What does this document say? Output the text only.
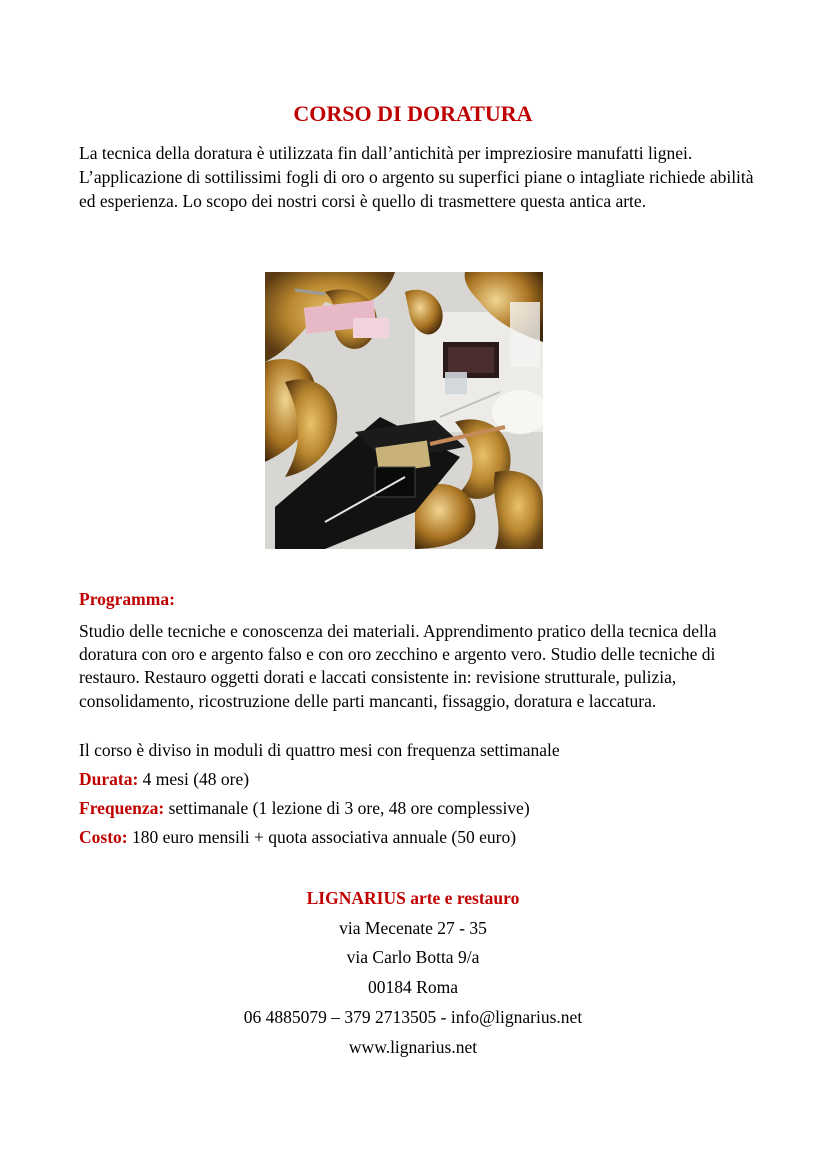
CORSO DI DORATURA

La tecnica della doratura è utilizzata fin dall’antichità per impreziosire manufatti lignei. L’applicazione di sottilissimi fogli di oro o argento su superfici piane o intagliate richiede abilità ed esperienza. Lo scopo dei nostri corsi è quello di trasmettere questa antica arte.

Programma:

Studio delle tecniche e conoscenza dei materiali. Apprendimento pratico della tecnica della doratura con oro e argento falso e con oro zecchino e argento vero. Studio delle tecniche di restauro. Restauro oggetti dorati e laccati consistente in: revisione strutturale, pulizia, consolidamento, ricostruzione delle parti mancanti, fissaggio, doratura e laccatura.

Il corso è diviso in moduli di quattro mesi con frequenza settimanale

Durata: 4 mesi (48 ore)

Frequenza: settimanale (1 lezione di 3 ore, 48 ore complessive)

Costo: 180 euro mensili + quota associativa annuale (50 euro)

LIGNARIUS arte e restauro
via Mecenate 27 - 35
via Carlo Botta 9/a
00184 Roma
06 4885079 – 379 2713505 - info@lignarius.net
www.lignarius.net
